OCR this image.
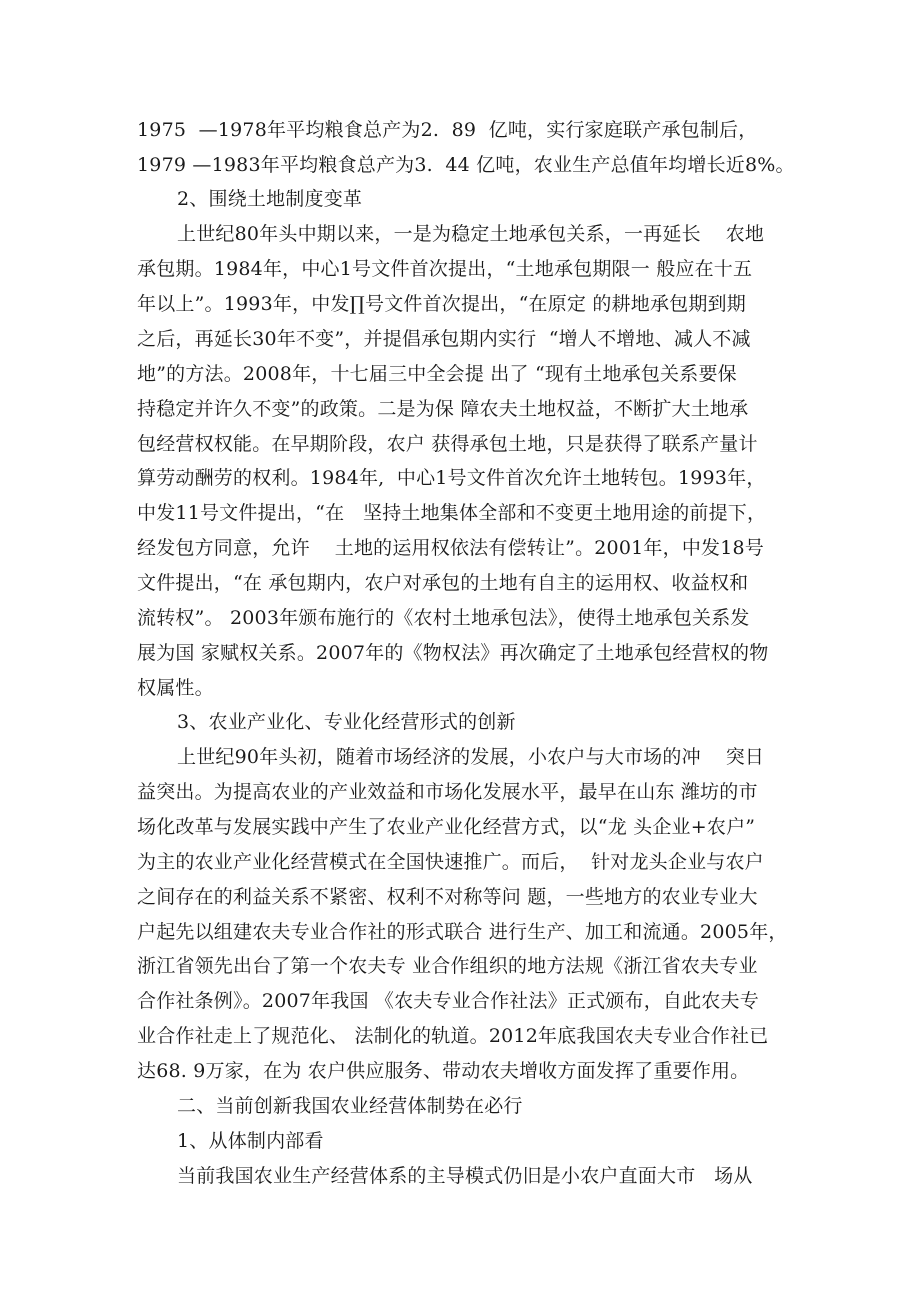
1975  —1978年平均粮食总产为2.  89  亿吨，实行家庭联产承包制后，
1979 —1983年平均粮食总产为3.  44 亿吨，农业生产总值年均增长近8%。
2、围绕土地制度变革
上世纪80年头中期以来，一是为稳定土地承包关系，一再延长    农地
承包期。1984年，中心1号文件首次提出，“土地承包期限一 般应在十五
年以上”。1993年，中发∏号文件首次提出，“在原定 的耕地承包期到期
之后，再延长30年不变”，并提倡承包期内实行  “增人不增地、减人不减
地”的方法。2008年，十七届三中全会提 出了 “现有土地承包关系要保
持稳定并许久不变”的政策。二是为保 障农夫土地权益，不断扩大土地承
包经营权权能。在早期阶段，农户 获得承包土地，只是获得了联系产量计
算劳动酬劳的权利。1984年,  中心1号文件首次允许土地转包。1993年，
中发11号文件提出，“在   坚持土地集体全部和不变更土地用途的前提下，
经发包方同意，允许    土地的运用权依法有偿转让”。2001年，中发18号
文件提出，“在 承包期内，农户对承包的土地有自主的运用权、收益权和
流转权”。 2003年颁布施行的《农村土地承包法》，使得土地承包关系发
展为国 家赋权关系。2007年的《物权法》再次确定了土地承包经营权的物
权属性。
3、农业产业化、专业化经营形式的创新
上世纪90年头初，随着市场经济的发展，小农户与大市场的冲    突日
益突出。为提高农业的产业效益和市场化发展水平，最早在山东 潍坊的市
场化改革与发展实践中产生了农业产业化经营方式，以“龙 头企业+农户”
为主的农业产业化经营模式在全国快速推广。而后，  针对龙头企业与农户
之间存在的利益关系不紧密、权利不对称等问 题，一些地方的农业专业大
户起先以组建农夫专业合作社的形式联合 进行生产、加工和流通。2005年，
浙江省领先出台了第一个农夫专 业合作组织的地方法规《浙江省农夫专业
合作社条例》。2007年我国 《农夫专业合作社法》正式颁布，自此农夫专
业合作社走上了规范化、 法制化的轨道。2012年底我国农夫专业合作社已
达68. 9万家，在为 农户供应服务、带动农夫增收方面发挥了重要作用。
二、当前创新我国农业经营体制势在必行
1、从体制内部看
当前我国农业生产经营体系的主导模式仍旧是小农户直面大市   场从
